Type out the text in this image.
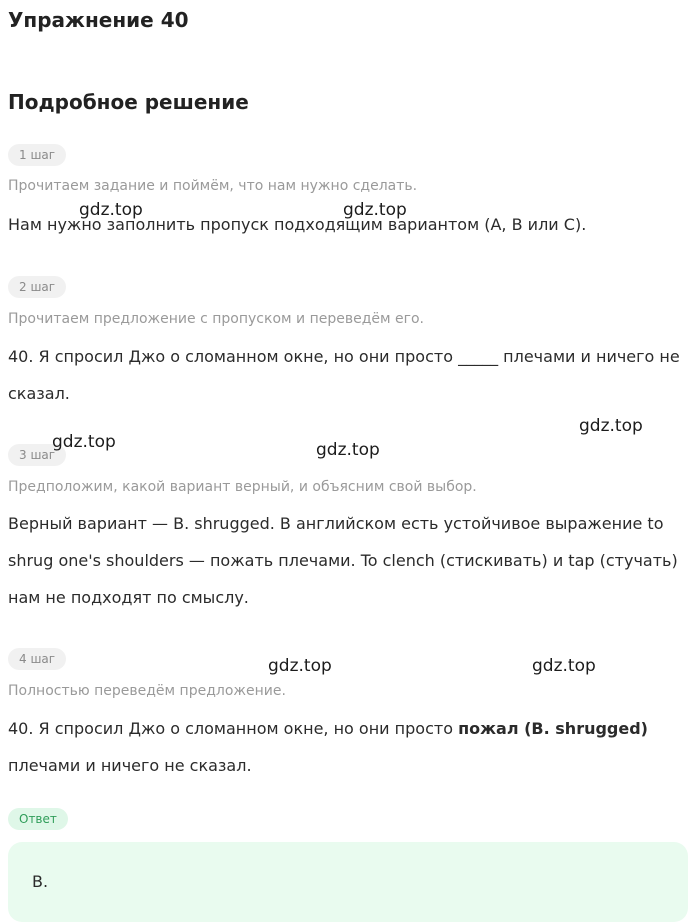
Упражнение 40
Подробное решение
1 шаг
Прочитаем задание и поймём, что нам нужно сделать.
Нам нужно заполнить пропуск подходящим вариантом (A, B или C).
2 шаг
Прочитаем предложение с пропуском и переведём его.
40. Я спросил Джо о сломанном окне, но они просто _____ плечами и ничего не сказал.
3 шаг
Предположим, какой вариант верный, и объясним свой выбор.
Верный вариант — B. shrugged. В английском есть устойчивое выражение to shrug one's shoulders — пожать плечами. To clench (стискивать) и tap (стучать) нам не подходят по смыслу.
4 шаг
Полностью переведём предложение.
40. Я спросил Джо о сломанном окне, но они просто пожал (B. shrugged) плечами и ничего не сказал.
Ответ
B.
gdz.top	gdz.top
gdz.top	gdz.top
gdz.top
gdz.top	gdz.top
